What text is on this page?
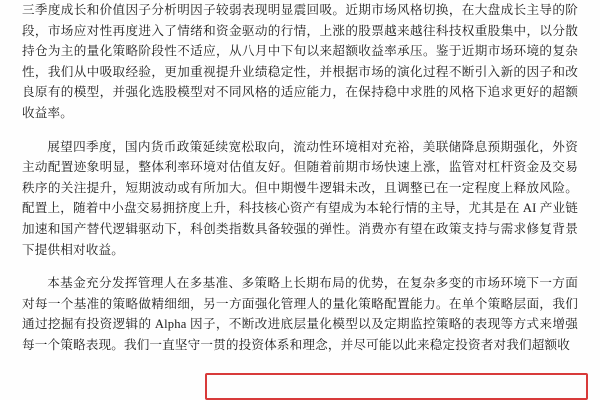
三季度成长和价值因子分析明因子较弱表现明显震回吸。近期市场风格切换，在大盘成长主导的阶段，市场应对性再度进入了情绪和资金驱动的行情，上涨的股票越来越往科技权重股集中，以分散持仓为主的量化策略阶段性不适应，从八月中下旬以来超额收益率承压。鉴于近期市场环境的复杂性，我们从中吸取经验，更加重视提升业绩稳定性，并根据市场的演化过程不断引入新的因子和改良原有的模型，并强化选股模型对不同风格的适应能力，在保持稳中求胜的风格下追求更好的超额收益率。

展望四季度，国内货币政策延续宽松取向，流动性环境相对充裕，美联储降息预期强化，外资主动配置迹象明显，整体利率环境对估值友好。但随着前期市场快速上涨，监管对杠杆资金及交易秩序的关注提升，短期波动或有所加大。但中期慢牛逻辑未改，且调整已在一定程度上释放风险。配置上，随着中小盘交易拥挤度上升，科技核心资产有望成为本轮行情的主导，尤其是在 AI 产业链加速和国产替代逻辑驱动下，科创类指数具备较强的弹性。消费亦有望在政策支持与需求修复背景下提供相对收益。

本基金充分发挥管理人在多基准、多策略上长期布局的优势，在复杂多变的市场环境下一方面对每一个基准的策略做精细细，另一方面强化管理人的量化策略配置能力。在单个策略层面，我们通过挖掘有投资逻辑的 Alpha 因子，不断改进底层量化模型以及定期监控策略的表现等方式来增强每一个策略表现。我们一直坚守一贯的投资体系和理念，并尽可能以此来稳定投资者对我们超额收
